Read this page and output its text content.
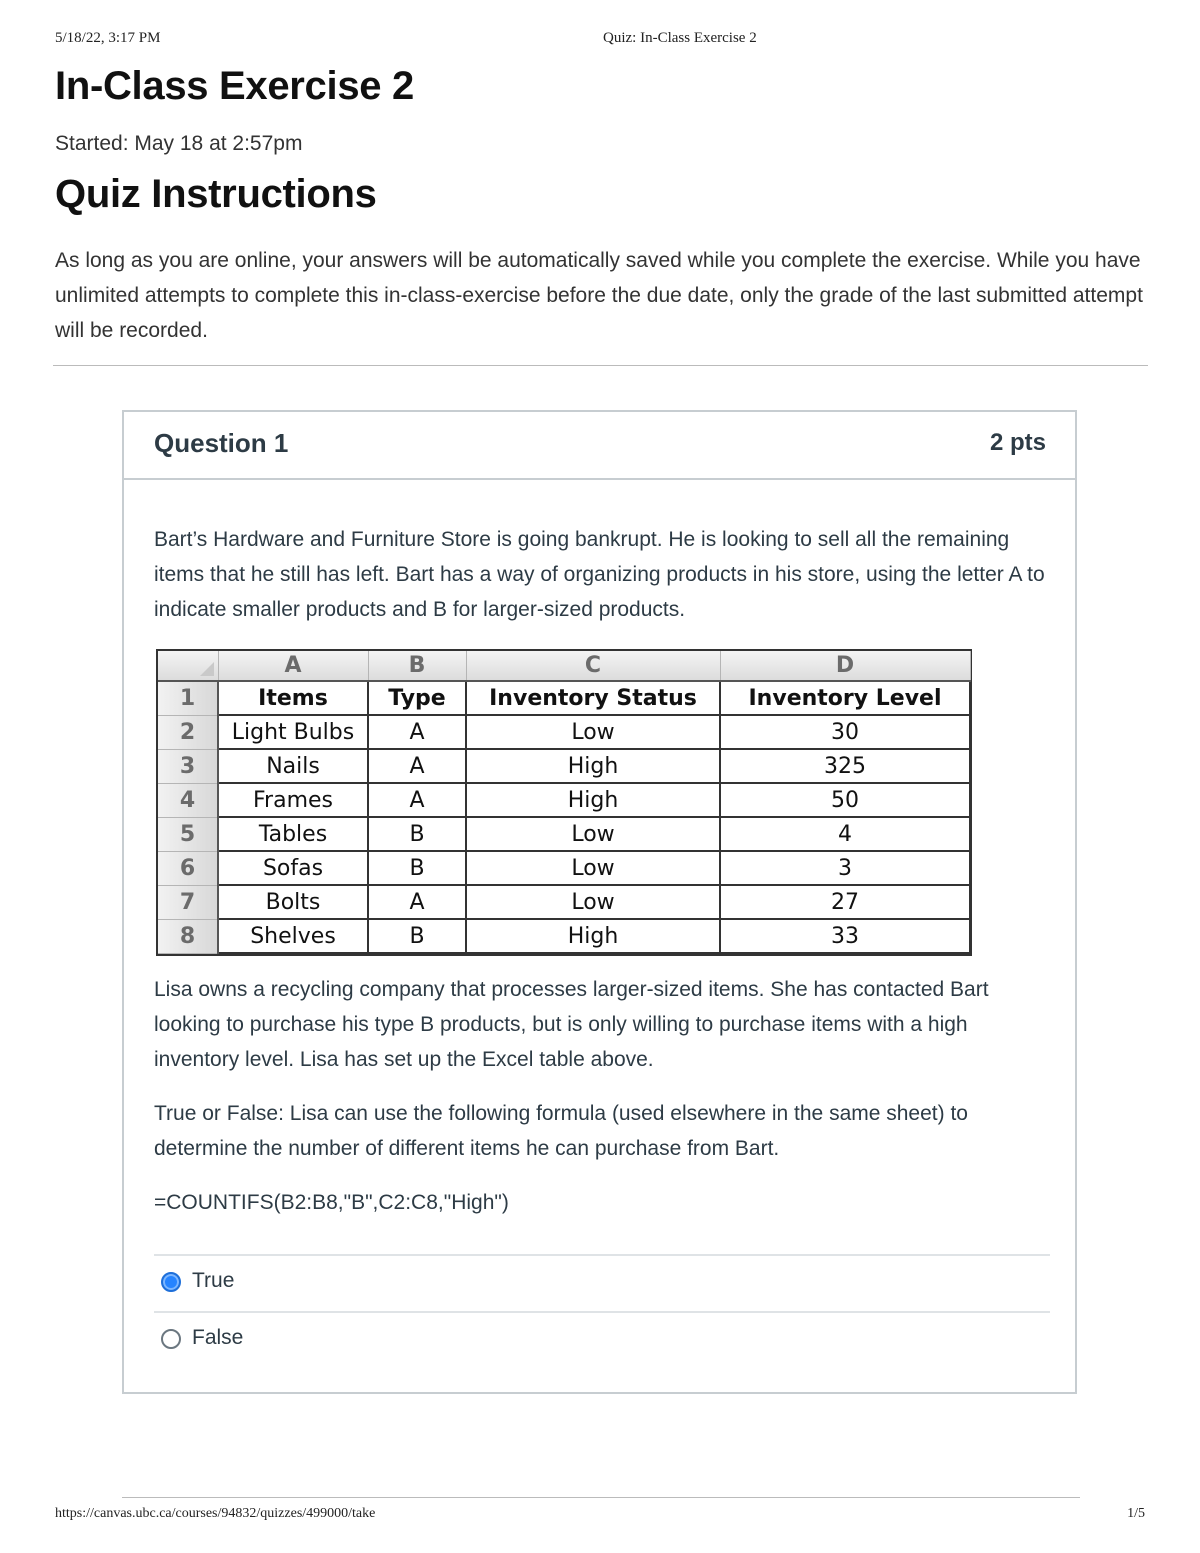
5/18/22, 3:17 PM	Quiz: In-Class Exercise 2
In-Class Exercise 2
Started: May 18 at 2:57pm
Quiz Instructions

As long as you are online, your answers will be automatically saved while you complete the exercise. While you have unlimited attempts to complete this in-class-exercise before the due date, only the grade of the last submitted attempt will be recorded.

Question 1	2 pts

Bart’s Hardware and Furniture Store is going bankrupt. He is looking to sell all the remaining items that he still has left. Bart has a way of organizing products in his store, using the letter A to indicate smaller products and B for larger-sized products.

	A	B	C	D
1	Items	Type	Inventory Status	Inventory Level
2	Light Bulbs	A	Low	30
3	Nails	A	High	325
4	Frames	A	High	50
5	Tables	B	Low	4
6	Sofas	B	Low	3
7	Bolts	A	Low	27
8	Shelves	B	High	33

Lisa owns a recycling company that processes larger-sized items. She has contacted Bart looking to purchase his type B products, but is only willing to purchase items with a high inventory level. Lisa has set up the Excel table above.

True or False: Lisa can use the following formula (used elsewhere in the same sheet) to determine the number of different items he can purchase from Bart.

=COUNTIFS(B2:B8,"B",C2:C8,"High")

True
False
https://canvas.ubc.ca/courses/94832/quizzes/499000/take	1/5
